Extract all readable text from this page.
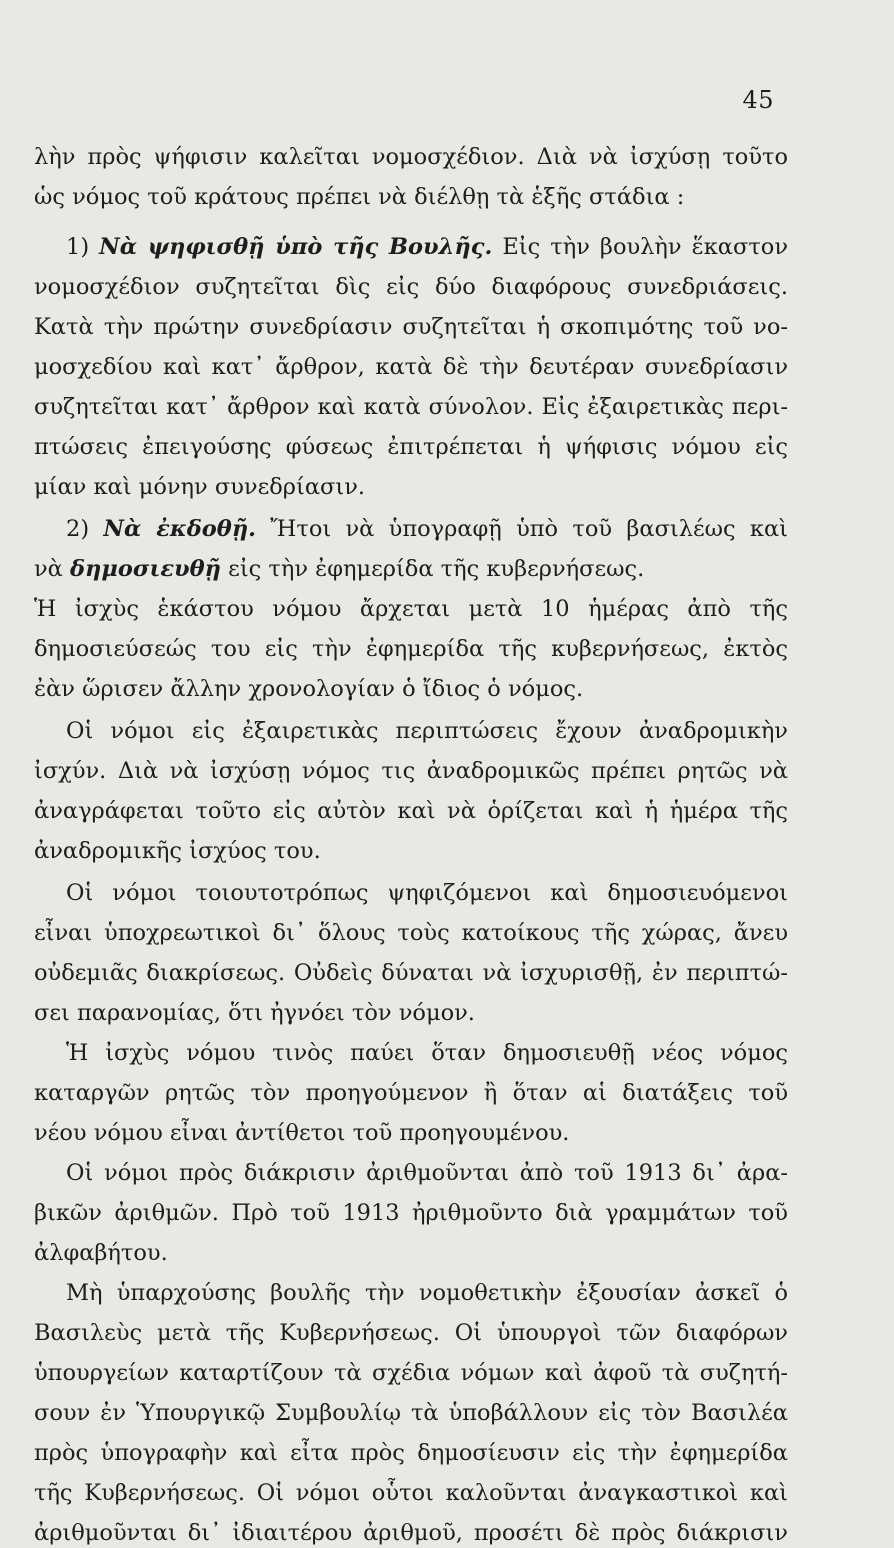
45
λὴν πρὸς ψήφισιν καλεῖται νομοσχέδιον. Διὰ νὰ ἰσχύσῃ τοῦτο
ὡς νόμος τοῦ κράτους πρέπει νὰ διέλθῃ τὰ ἑξῆς στάδια :
1) Νὰ ψηφισθῇ ὑπὸ τῆς Βουλῆς. Εἰς τὴν βουλὴν ἕκαστον
νομοσχέδιον συζητεῖται δὶς εἰς δύο διαφόρους συνεδριάσεις.
Κατὰ τὴν πρώτην συνεδρίασιν συζητεῖται ἡ σκοπιμότης τοῦ νο-
μοσχεδίου καὶ κατ᾽ ἄρθρον, κατὰ δὲ τὴν δευτέραν συνεδρίασιν
συζητεῖται κατ᾽ ἄρθρον καὶ κατὰ σύνολον. Εἰς ἐξαιρετικὰς περι-
πτώσεις ἐπειγούσης φύσεως ἐπιτρέπεται ἡ ψήφισις νόμου εἰς
μίαν καὶ μόνην συνεδρίασιν.
2) Νὰ ἐκδοθῇ. Ἤτοι νὰ ὑπογραφῇ ὑπὸ τοῦ βασιλέως καὶ
νὰ δημοσιευθῇ εἰς τὴν ἐφημερίδα τῆς κυβερνήσεως.
Ἡ ἰσχὺς ἑκάστου νόμου ἄρχεται μετὰ 10 ἡμέρας ἀπὸ τῆς
δημοσιεύσεώς του εἰς τὴν ἐφημερίδα τῆς κυβερνήσεως, ἐκτὸς
ἐὰν ὥρισεν ἄλλην χρονολογίαν ὁ ἴδιος ὁ νόμος.
Οἱ νόμοι εἰς ἐξαιρετικὰς περιπτώσεις ἔχουν ἀναδρομικὴν
ἰσχύν. Διὰ νὰ ἰσχύσῃ νόμος τις ἀναδρομικῶς πρέπει ρητῶς νὰ
ἀναγράφεται τοῦτο εἰς αὐτὸν καὶ νὰ ὁρίζεται καὶ ἡ ἡμέρα τῆς
ἀναδρομικῆς ἰσχύος του.
Οἱ νόμοι τοιουτοτρόπως ψηφιζόμενοι καὶ δημοσιευόμενοι
εἶναι ὑποχρεωτικοὶ δι᾽ ὅλους τοὺς κατοίκους τῆς χώρας, ἄνευ
οὐδεμιᾶς διακρίσεως. Οὐδεὶς δύναται νὰ ἰσχυρισθῇ, ἐν περιπτώ-
σει παρανομίας, ὅτι ἠγνόει τὸν νόμον.
Ἡ ἰσχὺς νόμου τινὸς παύει ὅταν δημοσιευθῇ νέος νόμος
καταργῶν ρητῶς τὸν προηγούμενον ἢ ὅταν αἱ διατάξεις τοῦ
νέου νόμου εἶναι ἀντίθετοι τοῦ προηγουμένου.
Οἱ νόμοι πρὸς διάκρισιν ἀριθμοῦνται ἀπὸ τοῦ 1913 δι᾽ ἀρα-
βικῶν ἀριθμῶν. Πρὸ τοῦ 1913 ἠριθμοῦντο διὰ γραμμάτων τοῦ
ἀλφαβήτου.
Μὴ ὑπαρχούσης βουλῆς τὴν νομοθετικὴν ἐξουσίαν ἀσκεῖ ὁ
Βασιλεὺς μετὰ τῆς Κυβερνήσεως. Οἱ ὑπουργοὶ τῶν διαφόρων
ὑπουργείων καταρτίζουν τὰ σχέδια νόμων καὶ ἀφοῦ τὰ συζητή-
σουν ἐν Ὑπουργικῷ Συμβουλίῳ τὰ ὑποβάλλουν εἰς τὸν Βασιλέα
πρὸς ὑπογραφὴν καὶ εἶτα πρὸς δημοσίευσιν εἰς τὴν ἐφημερίδα
τῆς Κυβερνήσεως. Οἱ νόμοι οὗτοι καλοῦνται ἀναγκαστικοὶ καὶ
ἀριθμοῦνται δι᾽ ἰδιαιτέρου ἀριθμοῦ, προσέτι δὲ πρὸς διάκρισιν
